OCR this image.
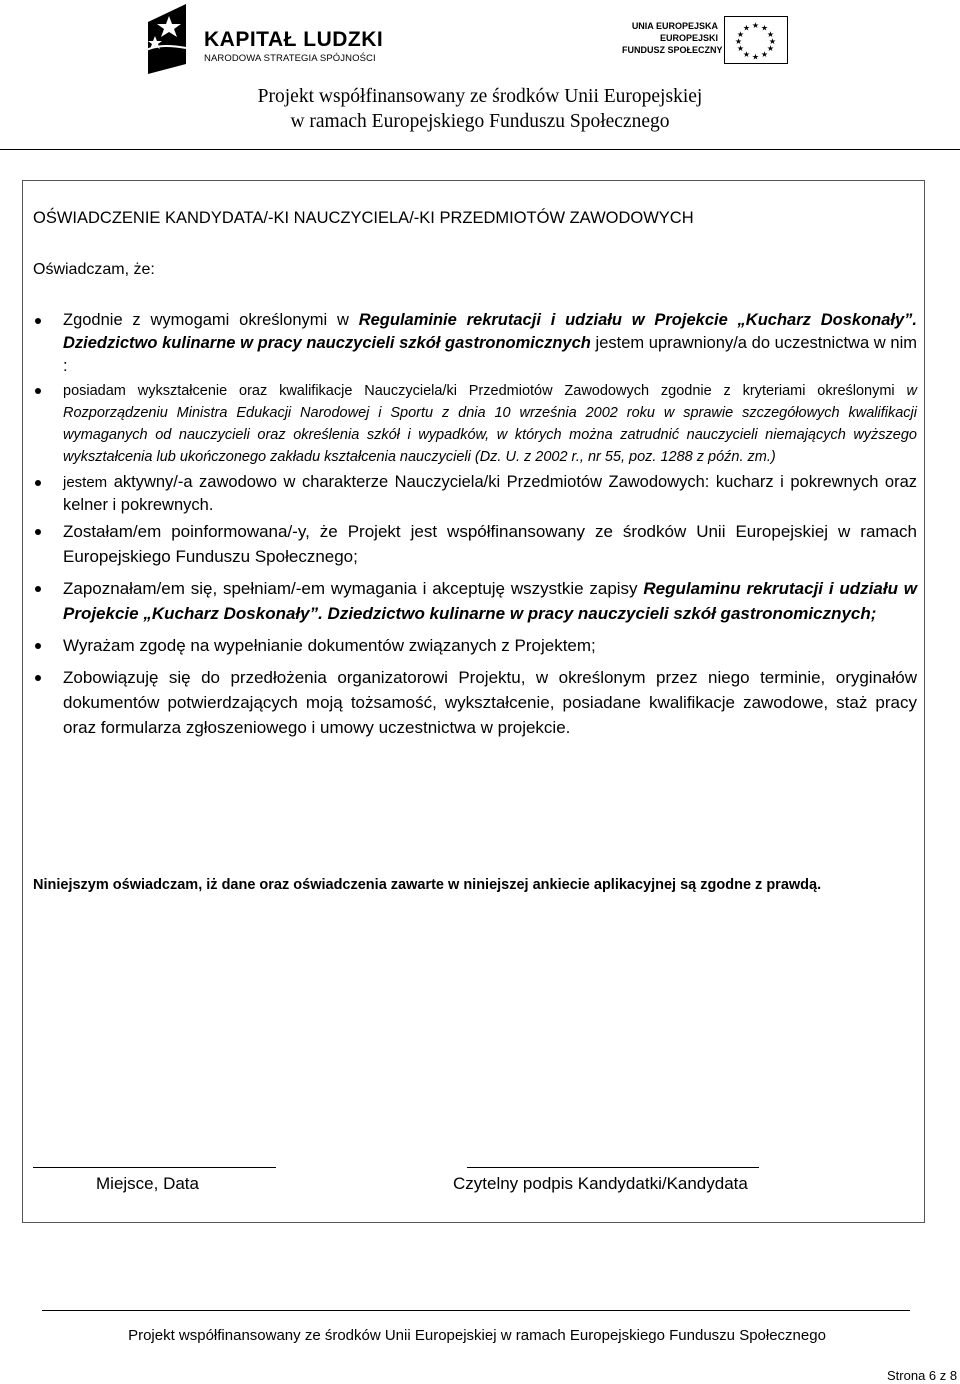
KAPITAŁ LUDZKI
NARODOWA STRATEGIA SPÓJNOŚCI
UNIA EUROPEJSKA
EUROPEJSKI
FUNDUSZ SPOŁECZNY
★ ★
★
★
★
★
★
★
★
★
★
★
Projekt współfinansowany ze środków Unii Europejskiej
w ramach Europejskiego Funduszu Społecznego
OŚWIADCZENIE KANDYDATA/-KI NAUCZYCIELA/-KI PRZEDMIOTÓW ZAWODOWYCH
Oświadczam, że:
Zgodnie z wymogami określonymi w Regulaminie rekrutacji i udziału w Projekcie „Kucharz Doskonały”. Dziedzictwo kulinarne w pracy nauczycieli szkół gastronomicznych jestem uprawniony/a do uczestnictwa w nim :
posiadam wykształcenie oraz kwalifikacje Nauczyciela/ki Przedmiotów Zawodowych zgodnie z kryteriami określonymi w Rozporządzeniu Ministra Edukacji Narodowej i Sportu z dnia 10 września 2002 roku w sprawie szczegółowych kwalifikacji wymaganych od nauczycieli oraz określenia szkół i wypadków, w których można zatrudnić nauczycieli niemających wyższego wykształcenia lub ukończonego zakładu kształcenia nauczycieli (Dz. U. z 2002 r., nr 55, poz. 1288 z późn. zm.)
jestem aktywny/-a zawodowo w charakterze Nauczyciela/ki Przedmiotów Zawodowych: kucharz i pokrewnych oraz kelner i pokrewnych.
Zostałam/em poinformowana/-y, że Projekt jest współfinansowany ze środków Unii Europejskiej w ramach Europejskiego Funduszu Społecznego;
Zapoznałam/em się, spełniam/-em wymagania i akceptuję wszystkie zapisy Regulaminu rekrutacji i udziału w Projekcie „Kucharz Doskonały”. Dziedzictwo kulinarne w pracy nauczycieli szkół gastronomicznych;
Wyrażam zgodę na wypełnianie dokumentów związanych z Projektem;
Zobowiązuję się do przedłożenia organizatorowi Projektu, w określonym przez niego terminie, oryginałów dokumentów potwierdzających moją tożsamość, wykształcenie, posiadane kwalifikacje zawodowe, staż pracy oraz formularza zgłoszeniowego i umowy uczestnictwa w projekcie.
Niniejszym oświadczam, iż dane oraz oświadczenia zawarte w niniejszej ankiecie aplikacyjnej są zgodne z prawdą.
Miejsce, Data	Czytelny podpis Kandydatki/Kandydata
Projekt współfinansowany ze środków Unii Europejskiej w ramach Europejskiego Funduszu Społecznego
Strona 6 z 8
